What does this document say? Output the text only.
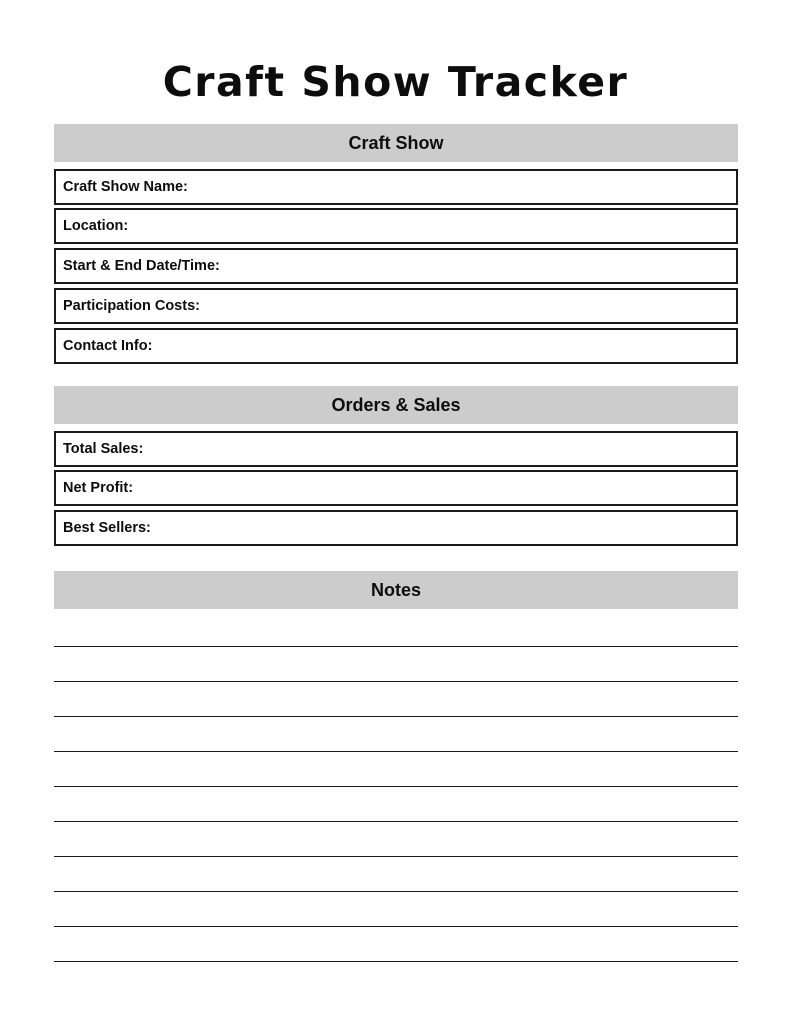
Craft Show Tracker
Craft Show
Craft Show Name:
Location:
Start & End Date/Time:
Participation Costs:
Contact Info:
Orders & Sales
Total Sales:
Net Profit:
Best Sellers:
Notes
